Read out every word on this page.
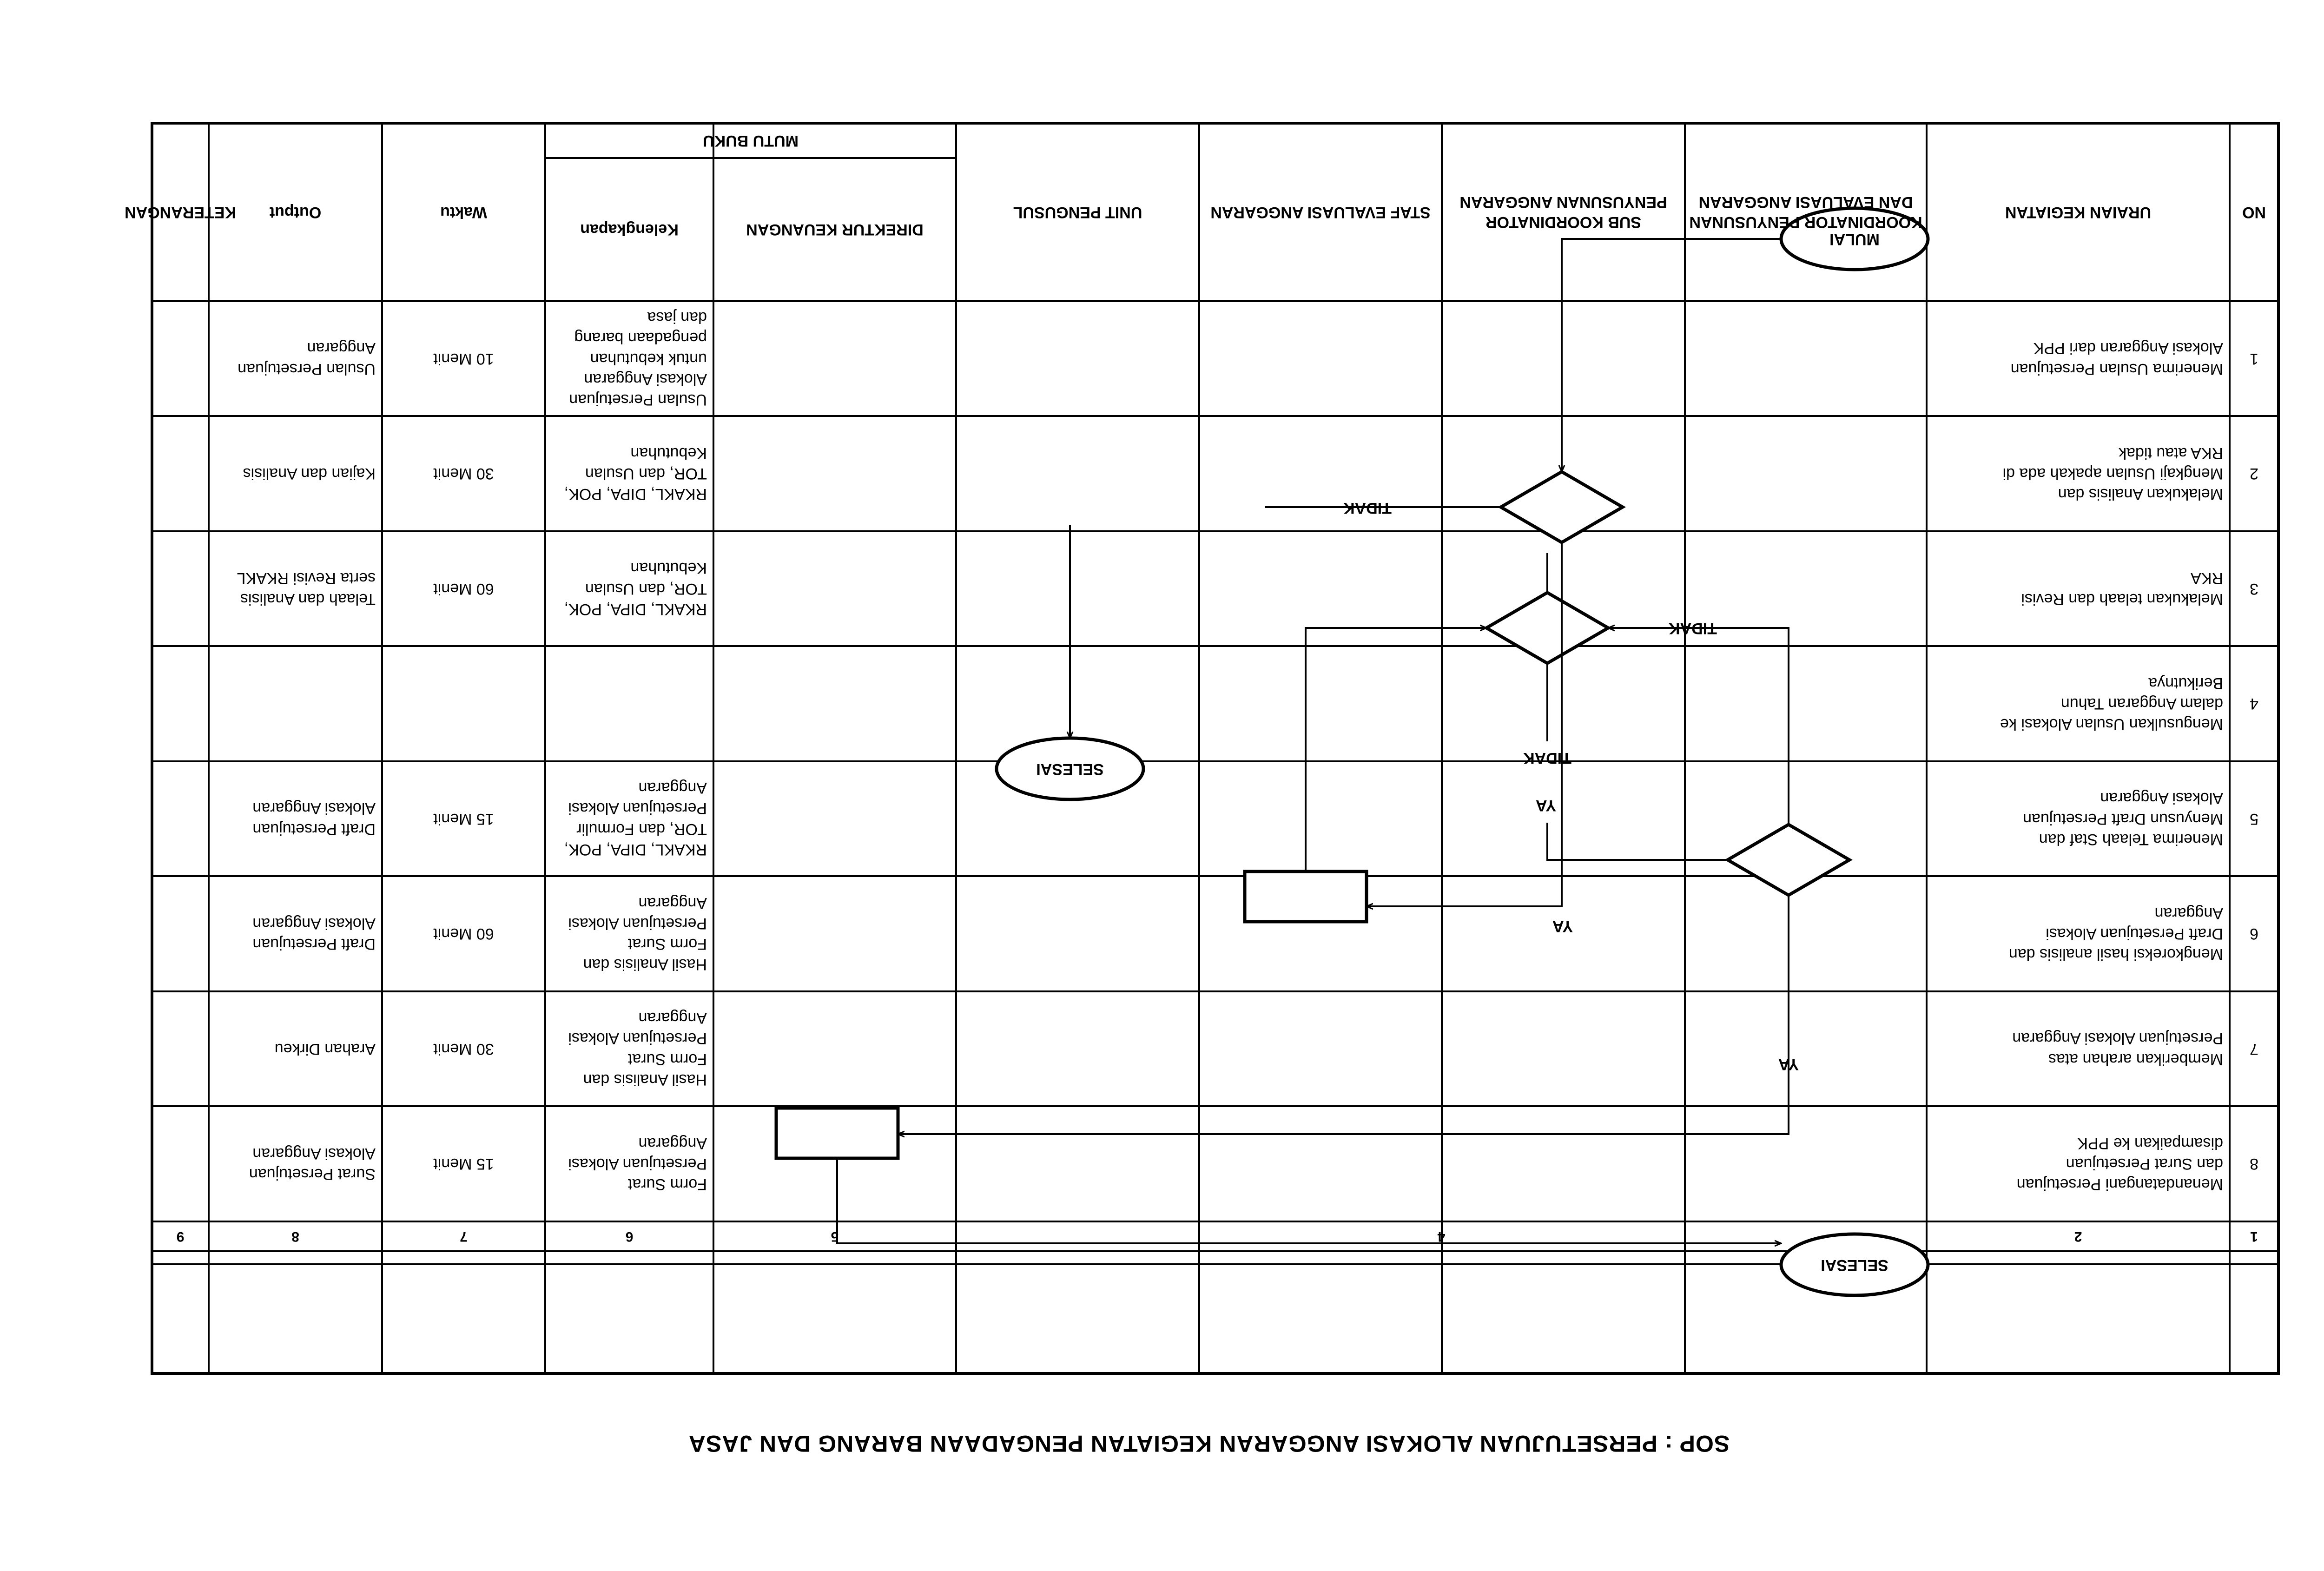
SOP : PERSETUJUAN ALOKASI ANGGARAN KEGIATAN PENGADAAN BARANG DAN JASA
NO
URAIAN KEGIATAN
KOORDINATOR PENYUSUNAN DAN EVALUASI ANGGARAN
SUB KOORDINATOR PENYUSUNAN ANGGARAN
STAF EVALUASI ANGGARAN
UNIT PENGUSUL
DIREKTUR KEUANGAN
MUTU BUKU
Kelengkapan
Waktu
Output
KETERANGAN
1
2
4
5
6
7
8
9
1
Menerima Usulan Persetujuan
Alokasi Anggaran dari PPK
Usulan Persetujuan
Alokasi Anggaran
untuk kebutuhan
pengadaan barang
dan jasa
10 Menit
Usulan Persetujuan
Anggaran
2
Melakukan Analisis dan
Mengkaji Usulan apakah ada di
RKA atau tidak
RKAKL, DIPA, POK,
TOR, dan Usulan
Kebutuhan
30 Menit
Kajian dan Analisis
3
Melakukan telaah dan Revisi
RKA
RKAKL, DIPA, POK,
TOR, dan Usulan
Kebutuhan
60 Menit
Telaah dan Analisis
serta Revisi RKAKL
4
Mengusulkan Usulan Alokasi ke
dalam Anggaran Tahun
Berikutnya
5
Menerima Telaah Staf dan
Menyusun Draft Persetujuan
Alokasi Anggaran
RKAKL, DIPA, POK,
TOR, dan Formulir
Persetujuan Alokasi
Anggaran
15 Menit
Draft Persetujuan
Alokasi Anggaran
6
Mengkoreksi hasil analisis dan
Draft Persetujuan Alokasi
Anggaran
Hasil Analisis dan
Form Surat
Persetujuan Alokasi
Anggaran
60 Menit
Draft Persetujuan
Alokasi Anggaran
7
Memberikan arahan atas
Persetujuan Alokasi Anggaran
Hasil Analisis dan
Form Surat
Persetujuan Alokasi
Anggaran
30 Menit
Arahan Dirkeu
8
Menandatangani Persetujuan
dan Surat Persetujuan
disampaikan ke PPK
Form Surat
Persetujuan Alokasi
Anggaran
15 Menit
Surat Persetujuan
Alokasi Anggaran
MULAI
SELESAI
SELESAI
TIDAK
YA
TIDAK
TIDAK
YA
YA
